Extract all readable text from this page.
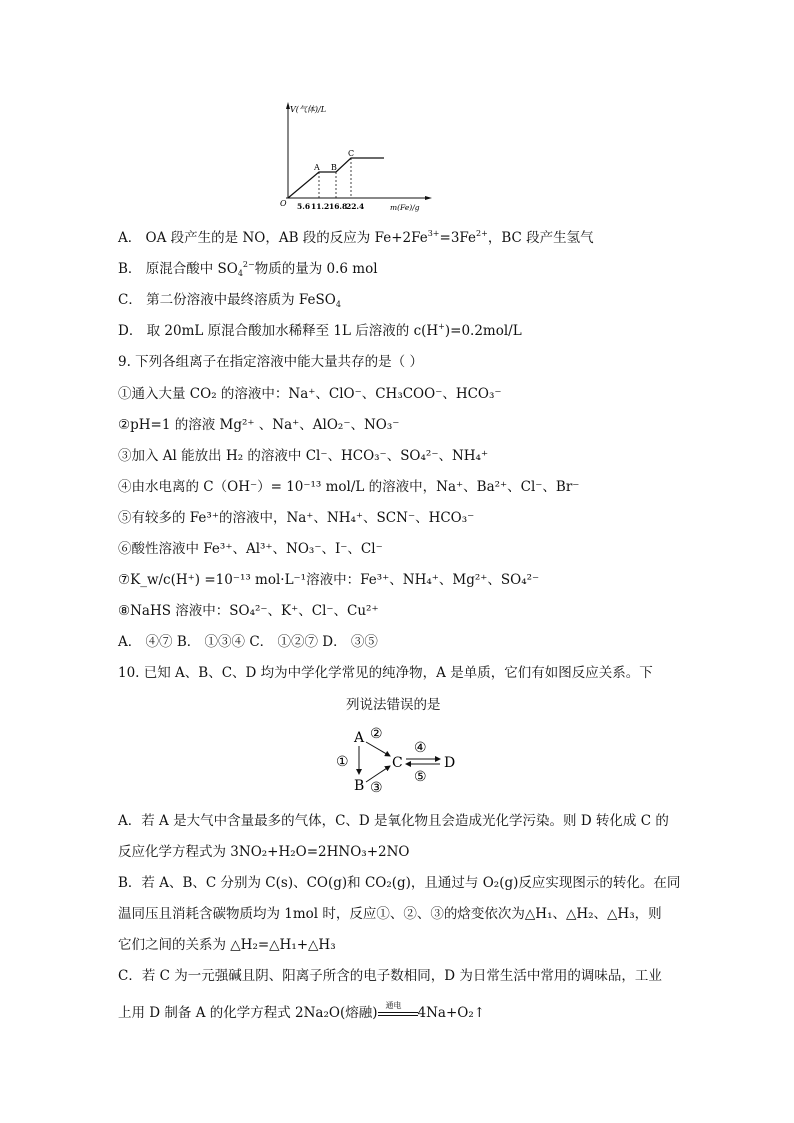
V(气体)/L
O
A B
C
5.6 11.2 16.8
22.4	m(Fe)/g
A． OA 段产生的是 NO，AB 段的反应为 $Fe+2Fe^{3+}=3Fe^{2+}$，BC 段产生氢气
B． 原混合酸中 $SO_4^{2-}$物质的量为 0.6 mol
C． 第二份溶液中最终溶质为 FeSO$_4$
D． 取 20mL 原混合酸加水稀释至 1L 后溶液的 c(H+)=0.2mol/L
9. 下列各组离子在指定溶液中能大量共存的是（ ）
①通入大量 CO₂ 的溶液中：Na⁺、ClO⁻、CH₃COO⁻、HCO₃⁻
②pH=1 的溶液 Mg²⁺ 、Na⁺、AlO₂⁻、NO₃⁻
③加入 Al 能放出 H₂ 的溶液中 Cl⁻、HCO₃⁻、SO₄²⁻、NH₄⁺
④由水电离的 C（OH⁻）= 10⁻¹³ mol/L 的溶液中，Na⁺、Ba²⁺、Cl⁻、Br⁻
⑤有较多的 Fe³⁺的溶液中，Na⁺、NH₄⁺、SCN⁻、HCO₃⁻
⑥酸性溶液中 Fe³⁺、Al³⁺、NO₃⁻、I⁻、Cl⁻
⑦K_w/c(H⁺) =10⁻¹³ mol·L⁻¹溶液中：Fe³⁺、NH₄⁺、Mg²⁺、SO₄²⁻
⑧NaHS 溶液中：SO₄²⁻、K⁺、Cl⁻、Cu²⁺
A． ④⑦ B． ①③④ C． ①②⑦ D． ③⑤
10. 已知 A、B、C、D 均为中学化学常见的纯净物，A 是单质，它们有如图反应关系。下
列说法错误的是
A
B
C	D
①
②
③
④
⑤
A．若 A 是大气中含量最多的气体，C、D 是氧化物且会造成光化学污染。则 D 转化成 C 的
反应化学方程式为 3NO₂+H₂O=2HNO₃+2NO
B．若 A、B、C 分别为 C(s)、CO(g)和 CO₂(g)，且通过与 O₂(g)反应实现图示的转化。在同
温同压且消耗含碳物质均为 1mol 时，反应①、②、③的焓变依次为△H₁、△H₂、△H₃，则
它们之间的关系为 △H₂=△H₁+△H₃
C．若 C 为一元强碱且阴、阳离子所含的电子数相同，D 为日常生活中常用的调味品，工业
上用 D 制备 A 的化学方程式 2Na₂O(熔融) 通电 4Na+O₂↑
